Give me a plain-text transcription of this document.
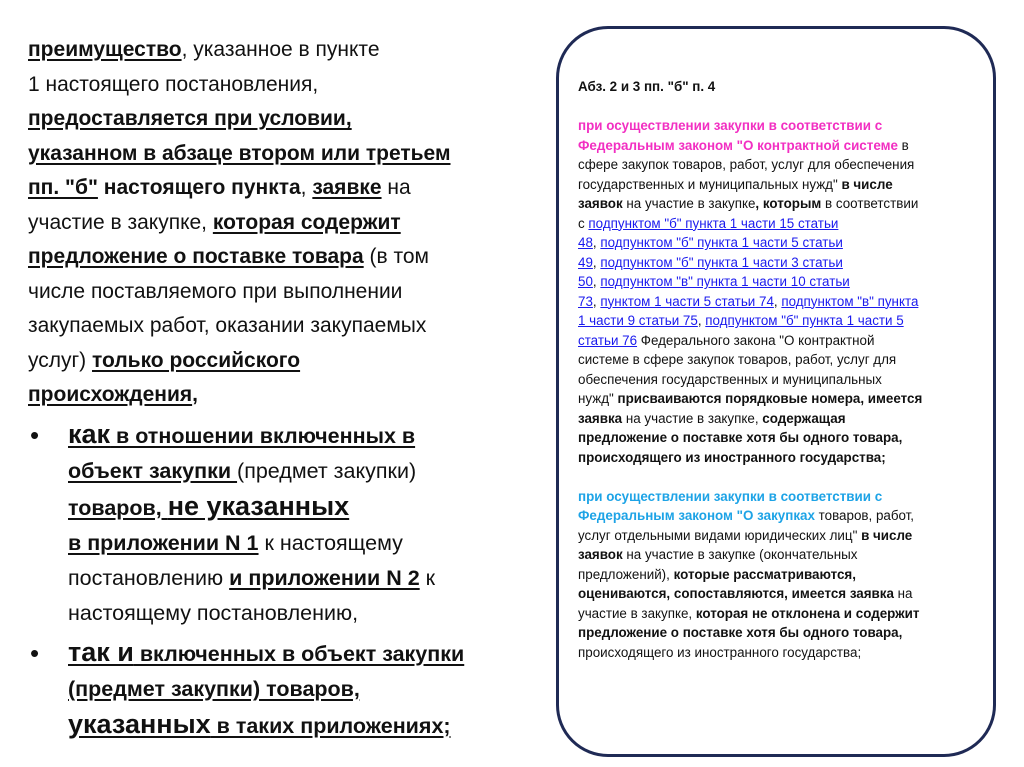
преимущество, указанное в пункте
1 настоящего постановления,
предоставляется при условии,
указанном в абзаце втором или третьем
пп. "б" настоящего пункта, заявке на
участие в закупке, которая содержит
предложение о поставке товара (в том
числе поставляемого при выполнении
закупаемых работ, оказании закупаемых
услуг) только российского
происхождения,
• как в отношении включенных в
объект закупки (предмет закупки)
товаров, не указанных
в приложении N 1 к настоящему
постановлению и приложении N 2 к
настоящему постановлению,
• так и включенных в объект закупки
(предмет закупки) товаров,
указанных в таких приложениях;
Абз. 2 и 3 пп. "б" п. 4
при осуществлении закупки в соответствии с
Федеральным законом "О контрактной системе в
сфере закупок товаров, работ, услуг для обеспечения
государственных и муниципальных нужд" в числе
заявок на участие в закупке, которым в соответствии
с подпунктом "б" пункта 1 части 15 статьи
48, подпунктом "б" пункта 1 части 5 статьи
49, подпунктом "б" пункта 1 части 3 статьи
50, подпунктом "в" пункта 1 части 10 статьи
73, пунктом 1 части 5 статьи 74, подпунктом "в" пункта
1 части 9 статьи 75, подпунктом "б" пункта 1 части 5
статьи 76 Федерального закона "О контрактной
системе в сфере закупок товаров, работ, услуг для
обеспечения государственных и муниципальных
нужд" присваиваются порядковые номера, имеется
заявка на участие в закупке, содержащая
предложение о поставке хотя бы одного товара,
происходящего из иностранного государства;
при осуществлении закупки в соответствии с
Федеральным законом "О закупках товаров, работ,
услуг отдельными видами юридических лиц" в числе
заявок на участие в закупке (окончательных
предложений), которые рассматриваются,
оцениваются, сопоставляются, имеется заявка на
участие в закупке, которая не отклонена и содержит
предложение о поставке хотя бы одного товара,
происходящего из иностранного государства;
